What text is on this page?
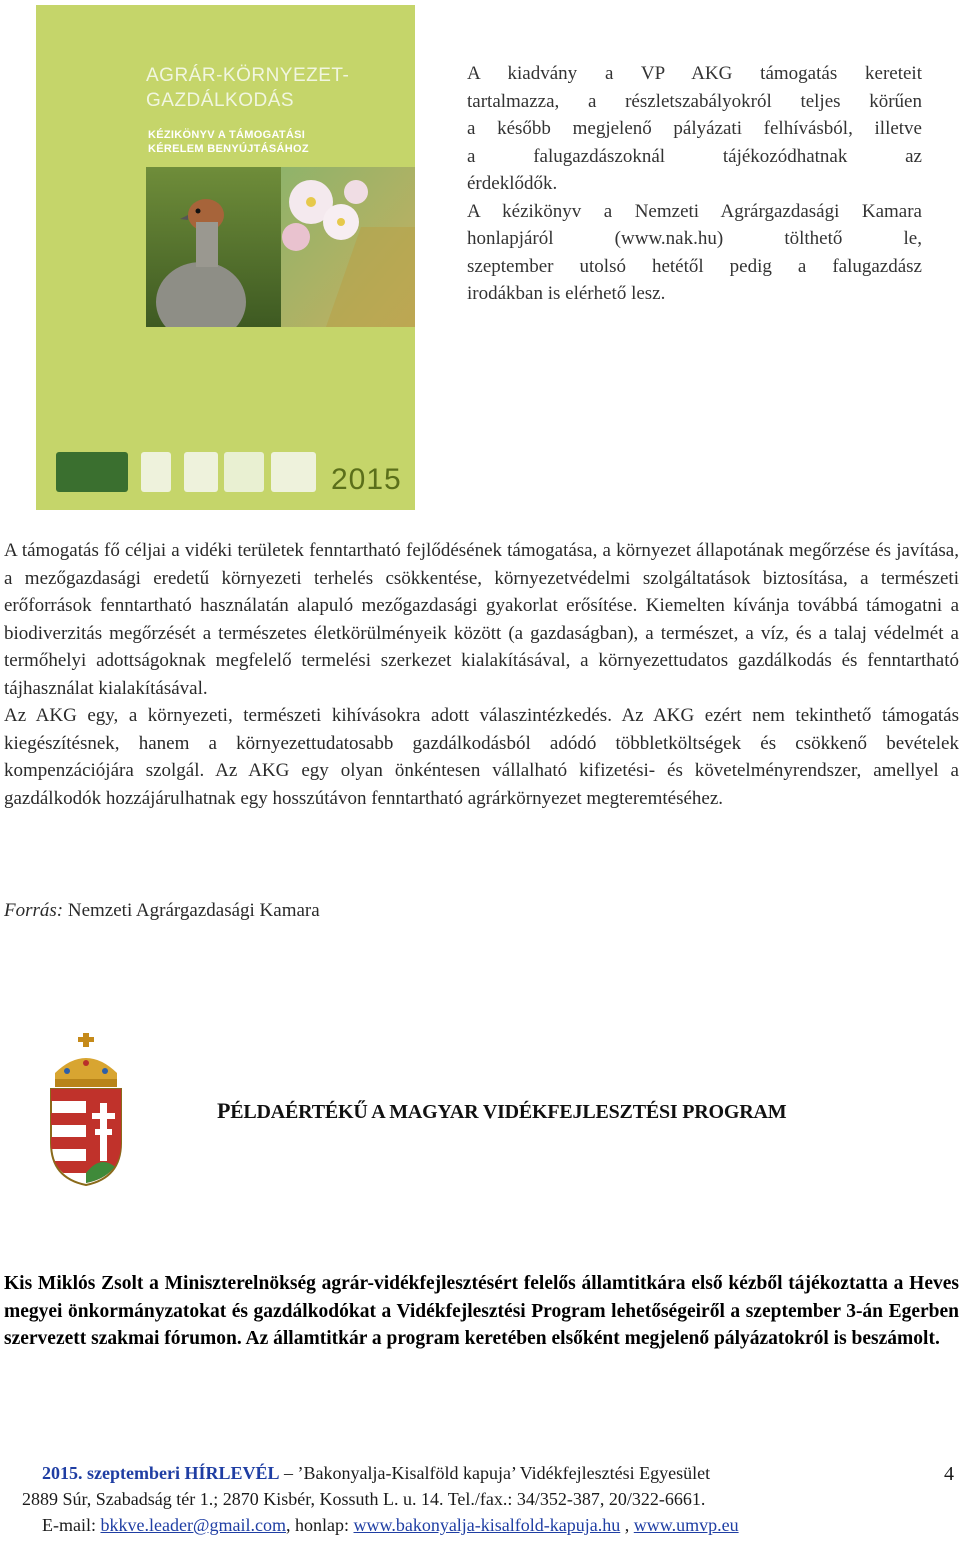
AGRÁR-KÖRNYEZET-
GAZDÁLKODÁS
KÉZIKÖNYV A TÁMOGATÁSI
KÉRELEM BENYÚJTÁSÁHOZ
2015

A kiadvány a VP AKG támogatás kereteit

tartalmazza, a részletszabályokról teljes körűen

a később megjelenő pályázati felhívásból, illetve

a falugazdászoknál tájékozódhatnak az

érdeklődők.

A kézikönyv a Nemzeti Agrárgazdasági Kamara

honlapjáról (www.nak.hu) tölthető le,

szeptember utolsó hetétől pedig a falugazdász

irodákban is elérhető lesz.

A támogatás fő céljai a vidéki területek fenntartható fejlődésének támogatása, a környezet állapotának megőrzése és javítása, a mezőgazdasági eredetű környezeti terhelés csökkentése, környezetvédelmi szolgáltatások biztosítása, a természeti erőforrások fenntartható használatán alapuló mezőgazdasági gyakorlat erősítése. Kiemelten kívánja továbbá támogatni a biodiverzitás megőrzését a természetes életkörülményeik között (a gazdaságban), a természet, a víz, és a talaj védelmét a termőhelyi adottságoknak megfelelő termelési szerkezet kialakításával, a környezettudatos gazdálkodás és fenntartható tájhasználat kialakításával.

Az AKG egy, a környezeti, természeti kihívásokra adott válaszintézkedés. Az AKG ezért nem tekinthető támogatás kiegészítésnek, hanem a környezettudatosabb gazdálkodásból adódó többletköltségek és csökkenő bevételek kompenzációjára szolgál. Az AKG egy olyan önkéntesen vállalható kifizetési- és követelményrendszer, amellyel a gazdálkodók hozzájárulhatnak egy hosszútávon fenntartható agrárkörnyezet megteremtéséhez.

Forrás: Nemzeti Agrárgazdasági Kamara
PÉLDAÉRTÉKŰ A MAGYAR VIDÉKFEJLESZTÉSI PROGRAM

Kis Miklós Zsolt a Miniszterelnökség agrár-vidékfejlesztésért felelős államtitkára első kézből tájékoztatta a Heves megyei önkormányzatokat és gazdálkodókat a Vidékfejlesztési Program lehetőségeiről a szeptember 3-án Egerben szervezett szakmai fórumon. Az államtitkár a program keretében elsőként megjelenő pályázatokról is beszámolt.

2015. szeptemberi HÍRLEVÉL – ’Bakonyalja-Kisalföld kapuja’ Vidékfejlesztési Egyesület
2889 Súr, Szabadság tér 1.; 2870 Kisbér, Kossuth L. u. 14. Tel./fax.: 34/352-387, 20/322-6661.
E-mail: bkkve.leader@gmail.com, honlap: www.bakonyalja-kisalfold-kapuja.hu , www.umvp.eu
4
